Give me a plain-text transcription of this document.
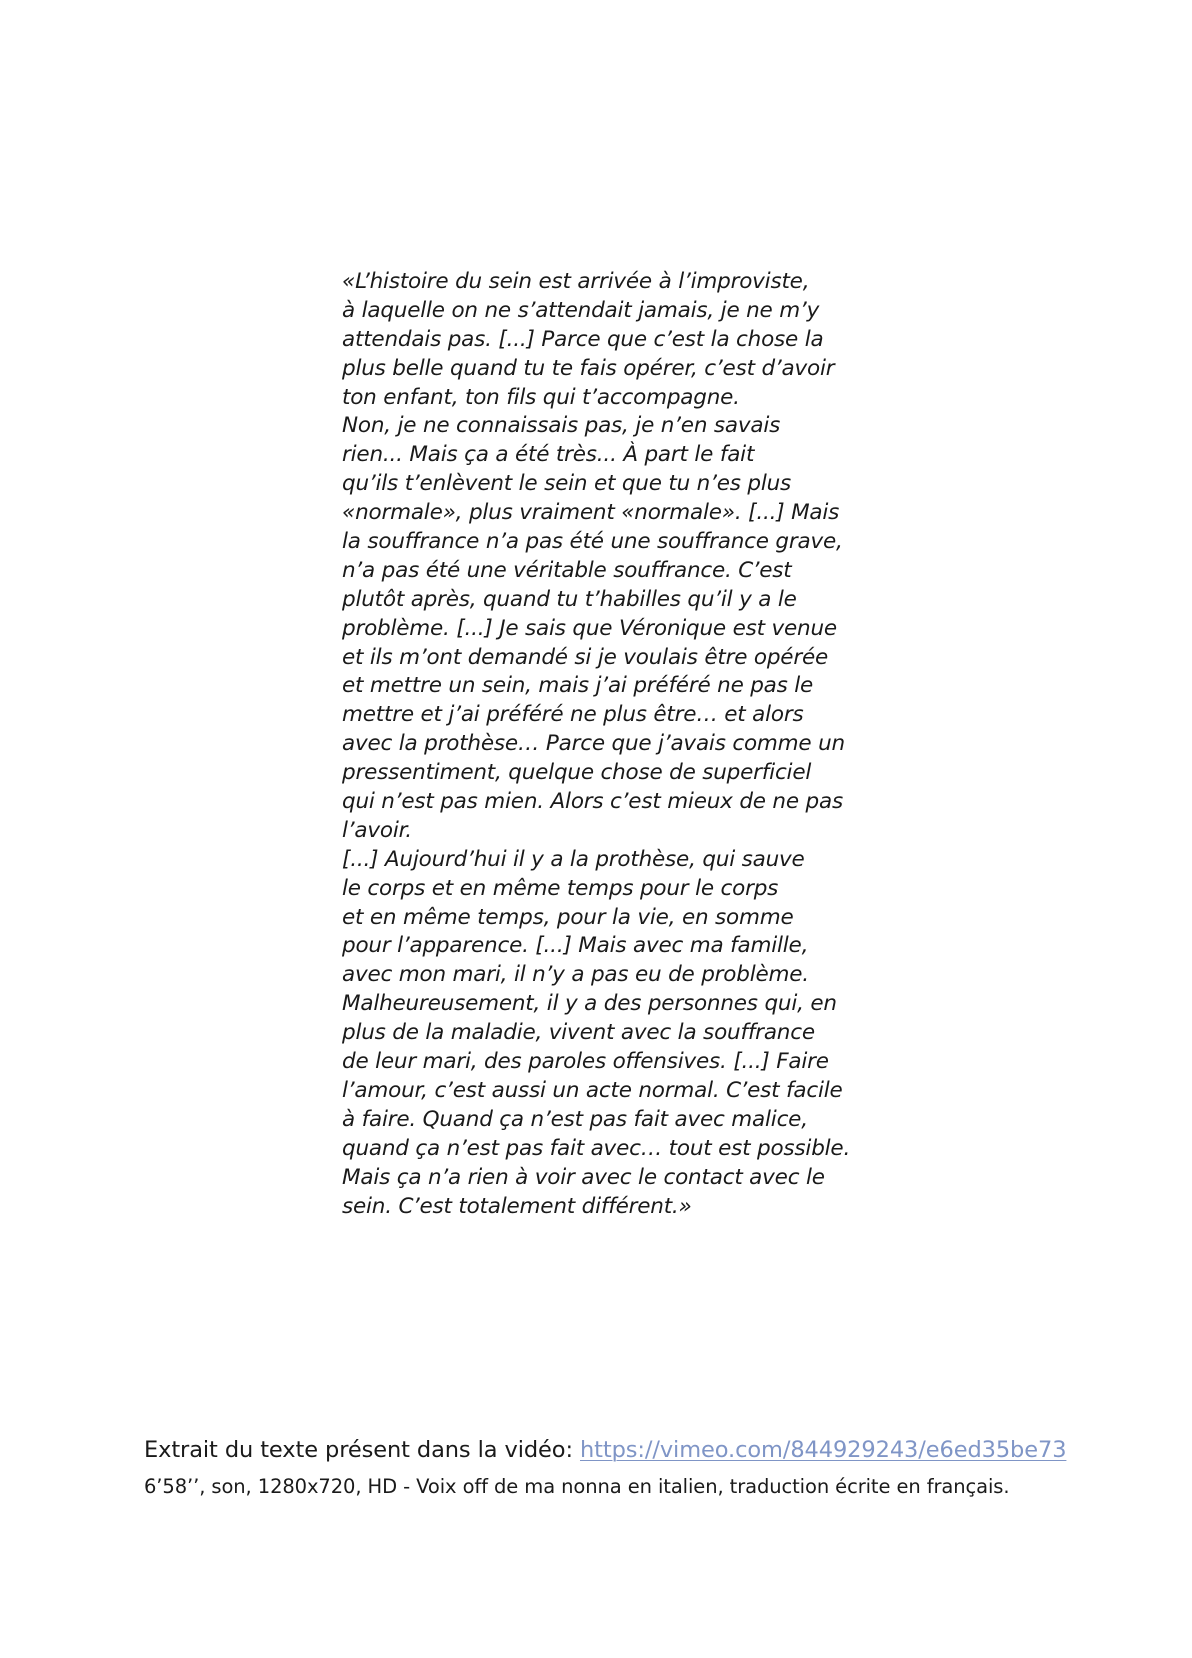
«L’histoire du sein est arrivée à l’improviste,
à laquelle on ne s’attendait jamais, je ne m’y
attendais pas. [...] Parce que c’est la chose la
plus belle quand tu te fais opérer, c’est d’avoir
ton enfant, ton fils qui t’accompagne.
Non, je ne connaissais pas, je n’en savais
rien... Mais ça a été très... À part le fait
qu’ils t’enlèvent le sein et que tu n’es plus
«normale», plus vraiment «normale». [...] Mais
la souffrance n’a pas été une souffrance grave,
n’a pas été une véritable souffrance. C’est
plutôt après, quand tu t’habilles qu’il y a le
problème. [...] Je sais que Véronique est venue
et ils m’ont demandé si je voulais être opérée
et mettre un sein, mais j’ai préféré ne pas le
mettre et j’ai préféré ne plus être… et alors
avec la prothèse… Parce que j’avais comme un
pressentiment, quelque chose de superficiel
qui n’est pas mien. Alors c’est mieux de ne pas
l’avoir.
[...] Aujourd’hui il y a la prothèse, qui sauve
le corps et en même temps pour le corps
et en même temps, pour la vie, en somme
pour l’apparence. [...] Mais avec ma famille,
avec mon mari, il n’y a pas eu de problème.
Malheureusement, il y a des personnes qui, en
plus de la maladie, vivent avec la souffrance
de leur mari, des paroles offensives. [...] Faire
l’amour, c’est aussi un acte normal. C’est facile
à faire. Quand ça n’est pas fait avec malice,
quand ça n’est pas fait avec… tout est possible.
Mais ça n’a rien à voir avec le contact avec le
sein. C’est totalement différent.»
Extrait du texte présent dans la vidéo: https://vimeo.com/844929243/e6ed35be73
6’58’’, son, 1280x720, HD - Voix off de ma nonna en italien, traduction écrite en français.
